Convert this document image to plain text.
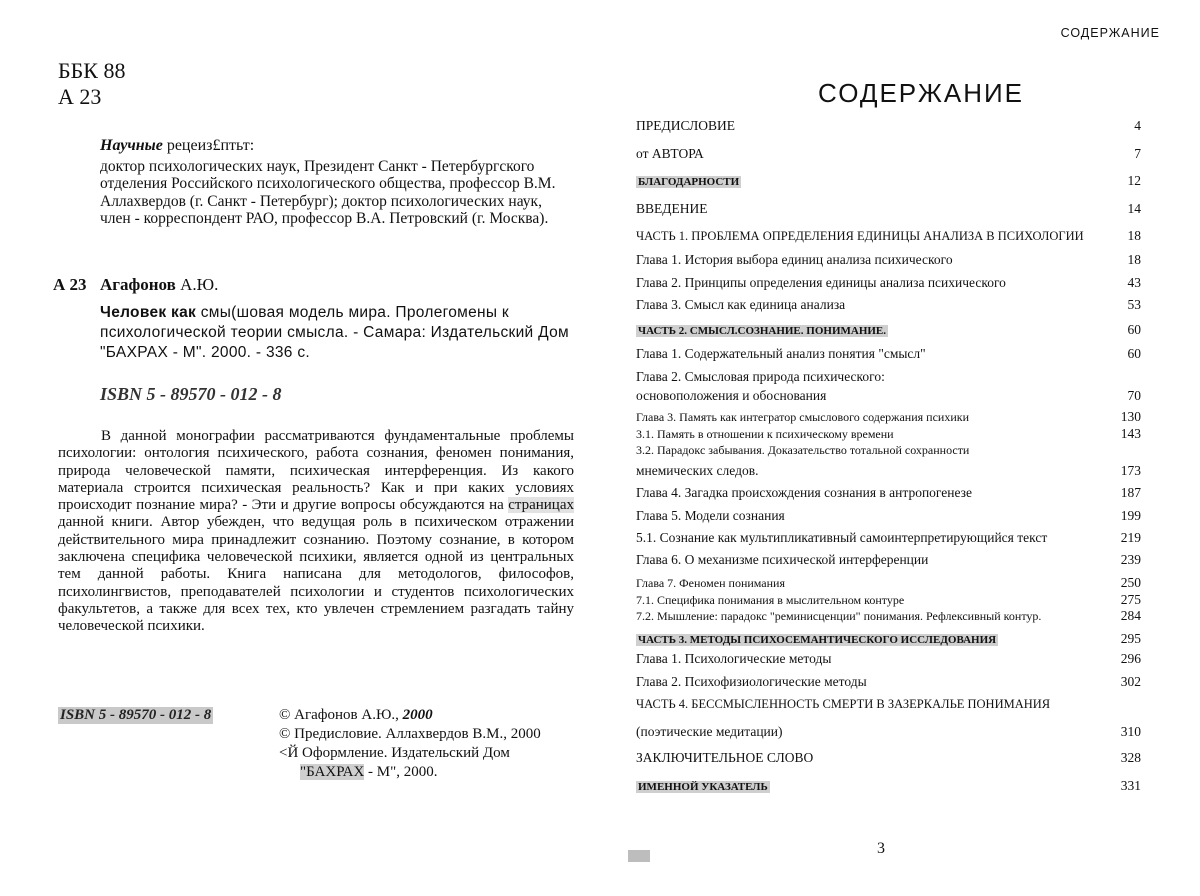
ББК 88
А 23
Научные рецеиз£птьт:
доктор психологических наук, Президент Санкт - Петербургского отделения Российского психологического общества, профессор В.М. Аллахвердов (г. Санкт - Петербург); доктор психологических наук, член - корреспондент РАО, профессор В.А. Петровский (г. Москва).
А 23 Агафонов А.Ю.
Человек как смы(шовая модель мира. Пролегомены к психологической теории смысла. - Самара: Издательский Дом "БАХРАХ - М". 2000. - 336 с.
ISBN 5 - 89570 - 012 - 8
В данной монографии рассматриваются фундаментальные проблемы психологии: онтология психического, работа сознания, феномен понимания, природа человеческой памяти, психическая интерференция. Из какого материала строится психическая реальность? Как и при каких условиях происходит познание мира? - Эти и другие вопросы обсуждаются на страницах данной книги. Автор убежден, что ведущая роль в психическом отражении действительного мира принадлежит сознанию. Поэтому сознание, в котором заключена специфика человеческой психики, является одной из центральных тем данной работы. Книга написана для методологов, философов, психолингвистов, преподавателей психологии и студентов психологических факультетов, а также для всех тех, кто увлечен стремлением разгадать тайну человеческой психики.
ISBN 5 - 89570 - 012 - 8	© Агафонов А.Ю., 2000
© Предисловие. Аллахвердов В.М., 2000
<Й Оформление. Издательский Дом
"БАХРАХ - М", 2000.
СОДЕРЖАНИЕ
СОДЕРЖАНИЕ
ПРЕДИСЛОВИЕ	4
от АВТОРА	7
БЛАГОДАРНОСТИ	12
ВВЕДЕНИЕ	14
ЧАСТЬ 1. ПРОБЛЕМА ОПРЕДЕЛЕНИЯ ЕДИНИЦЫ АНАЛИЗА В ПСИХОЛОГИИ	18
Глава 1. История выбора единиц анализа психического	18
Глава 2. Принципы определения единицы анализа психического	43
Глава 3. Смысл как единица анализа	53
ЧАСТЬ 2. СМЫСЛ.СОЗНАНИЕ. ПОНИМАНИЕ.	60
Глава 1. Содержательный анализ понятия "смысл"	60
Глава 2. Смысловая природа психического:
основоположения и обоснования	70
Глава 3. Память как интегратор смыслового содержания психики	130
3.1. Память в отношении к психическому времени	143
3.2. Парадокс забывания. Доказательство тотальной сохранности
мнемических следов.	173
Глава 4. Загадка происхождения сознания в антропогенезе	187
Глава 5. Модели сознания	199
5.1. Сознание как мультипликативный самоинтерпретирующийся текст	219
Глава 6. О механизме психической интерференции	239
Глава 7. Феномен понимания	250
7.1. Специфика понимания в мыслительном контуре	275
7.2. Мышление: парадокс "реминисценции" понимания. Рефлексивный контур.	284
ЧАСТЬ 3. МЕТОДЫ ПСИХОСЕМАНТИЧЕСКОГО ИССЛЕДОВАНИЯ	295
Глава 1. Психологические методы	296
Глава 2. Психофизиологические методы	302
ЧАСТЬ 4. БЕССМЫСЛЕННОСТЬ СМЕРТИ В ЗАЗЕРКАЛЬЕ ПОНИМАНИЯ
(поэтические медитации)	310
ЗАКЛЮЧИТЕЛЬНОЕ СЛОВО	328
ИМЕННОЙ УКАЗАТЕЛЬ	331
3
